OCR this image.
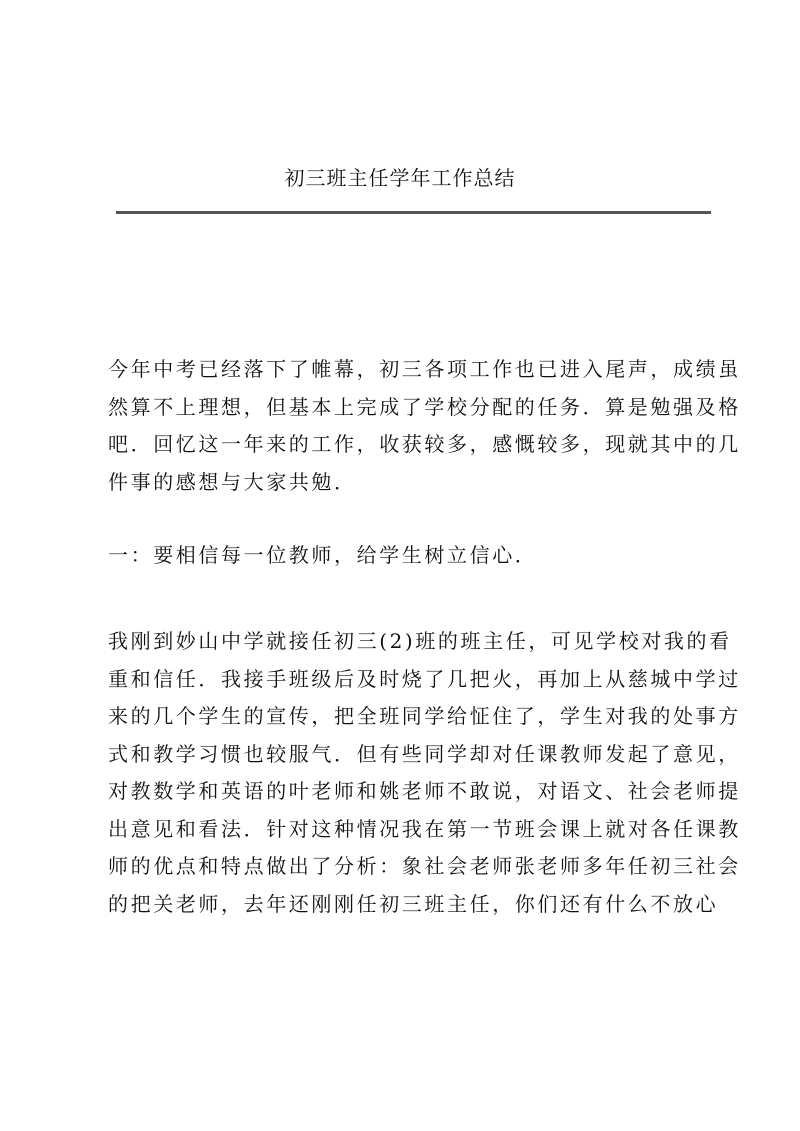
初三班主任学年工作总结
今年中考已经落下了帷幕，初三各项工作也已进入尾声，成绩虽
然算不上理想，但基本上完成了学校分配的任务．算是勉强及格
吧．回忆这一年来的工作，收获较多，感慨较多，现就其中的几
件事的感想与大家共勉．
一：要相信每一位教师，给学生树立信心．
我刚到妙山中学就接任初三(2)班的班主任，可见学校对我的看
重和信任．我接手班级后及时烧了几把火，再加上从慈城中学过
来的几个学生的宣传，把全班同学给怔住了，学生对我的处事方
式和教学习惯也较服气．但有些同学却对任课教师发起了意见，
对教数学和英语的叶老师和姚老师不敢说，对语文、社会老师提
出意见和看法．针对这种情况我在第一节班会课上就对各任课教
师的优点和特点做出了分析：象社会老师张老师多年任初三社会
的把关老师，去年还刚刚任初三班主任，你们还有什么不放心
